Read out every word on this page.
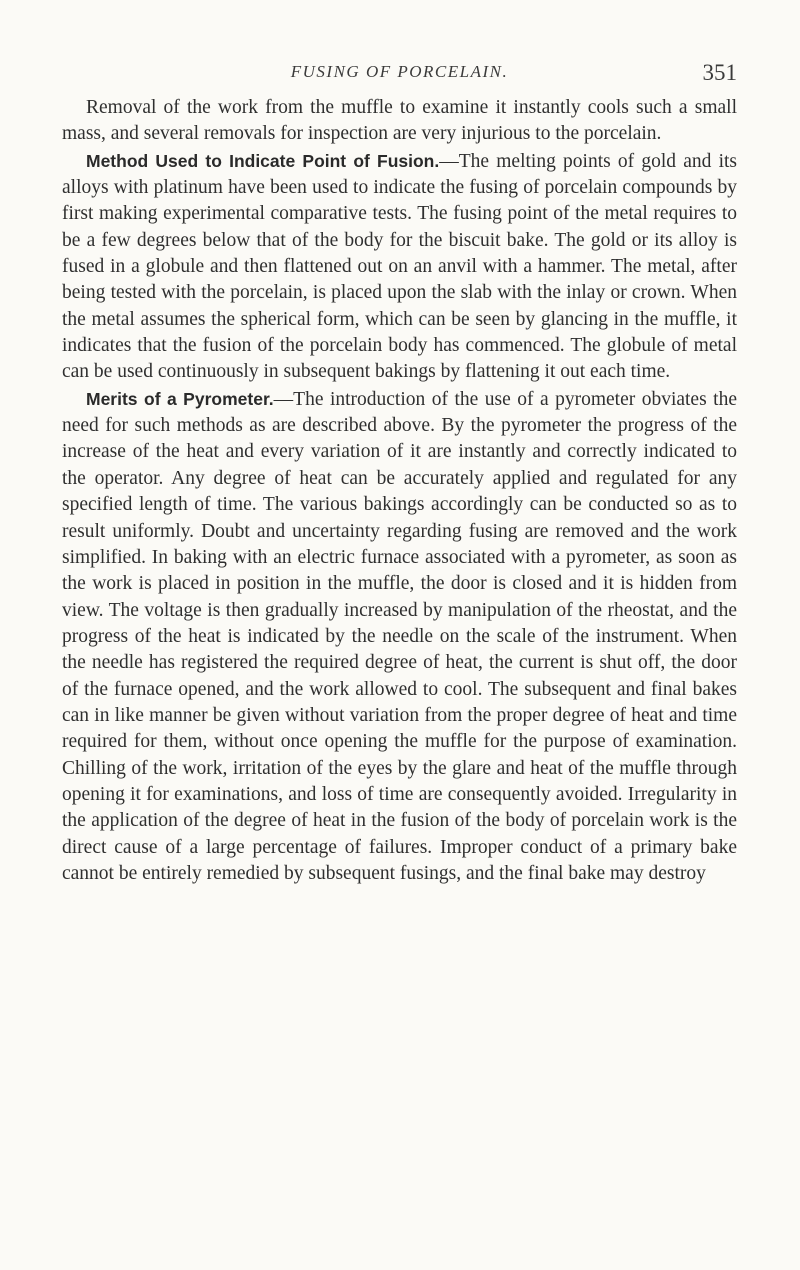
FUSING OF PORCELAIN.	351

Removal of the work from the muffle to examine it instantly cools such a small mass, and several removals for inspection are very injurious to the porcelain.

Method Used to Indicate Point of Fusion.—The melting points of gold and its alloys with platinum have been used to indicate the fusing of porcelain compounds by first making experimental comparative tests. The fusing point of the metal requires to be a few degrees below that of the body for the biscuit bake. The gold or its alloy is fused in a globule and then flattened out on an anvil with a hammer. The metal, after being tested with the porcelain, is placed upon the slab with the inlay or crown. When the metal assumes the spherical form, which can be seen by glancing in the muffle, it indicates that the fusion of the porcelain body has commenced. The globule of metal can be used continuously in subsequent bakings by flattening it out each time.

Merits of a Pyrometer.—The introduction of the use of a pyrometer obviates the need for such methods as are described above. By the pyrometer the progress of the increase of the heat and every variation of it are instantly and correctly indicated to the operator. Any degree of heat can be accurately applied and regulated for any specified length of time. The various bakings accordingly can be conducted so as to result uniformly. Doubt and uncertainty regarding fusing are removed and the work simplified. In baking with an electric furnace associated with a pyrometer, as soon as the work is placed in position in the muffle, the door is closed and it is hidden from view. The voltage is then gradually increased by manipulation of the rheostat, and the progress of the heat is indicated by the needle on the scale of the instrument. When the needle has registered the required degree of heat, the current is shut off, the door of the furnace opened, and the work allowed to cool. The subsequent and final bakes can in like manner be given without variation from the proper degree of heat and time required for them, without once opening the muffle for the purpose of examination. Chilling of the work, irritation of the eyes by the glare and heat of the muffle through opening it for examinations, and loss of time are consequently avoided. Irregularity in the application of the degree of heat in the fusion of the body of porcelain work is the direct cause of a large percentage of failures. Improper conduct of a primary bake cannot be entirely remedied by subsequent fusings, and the final bake may destroy
